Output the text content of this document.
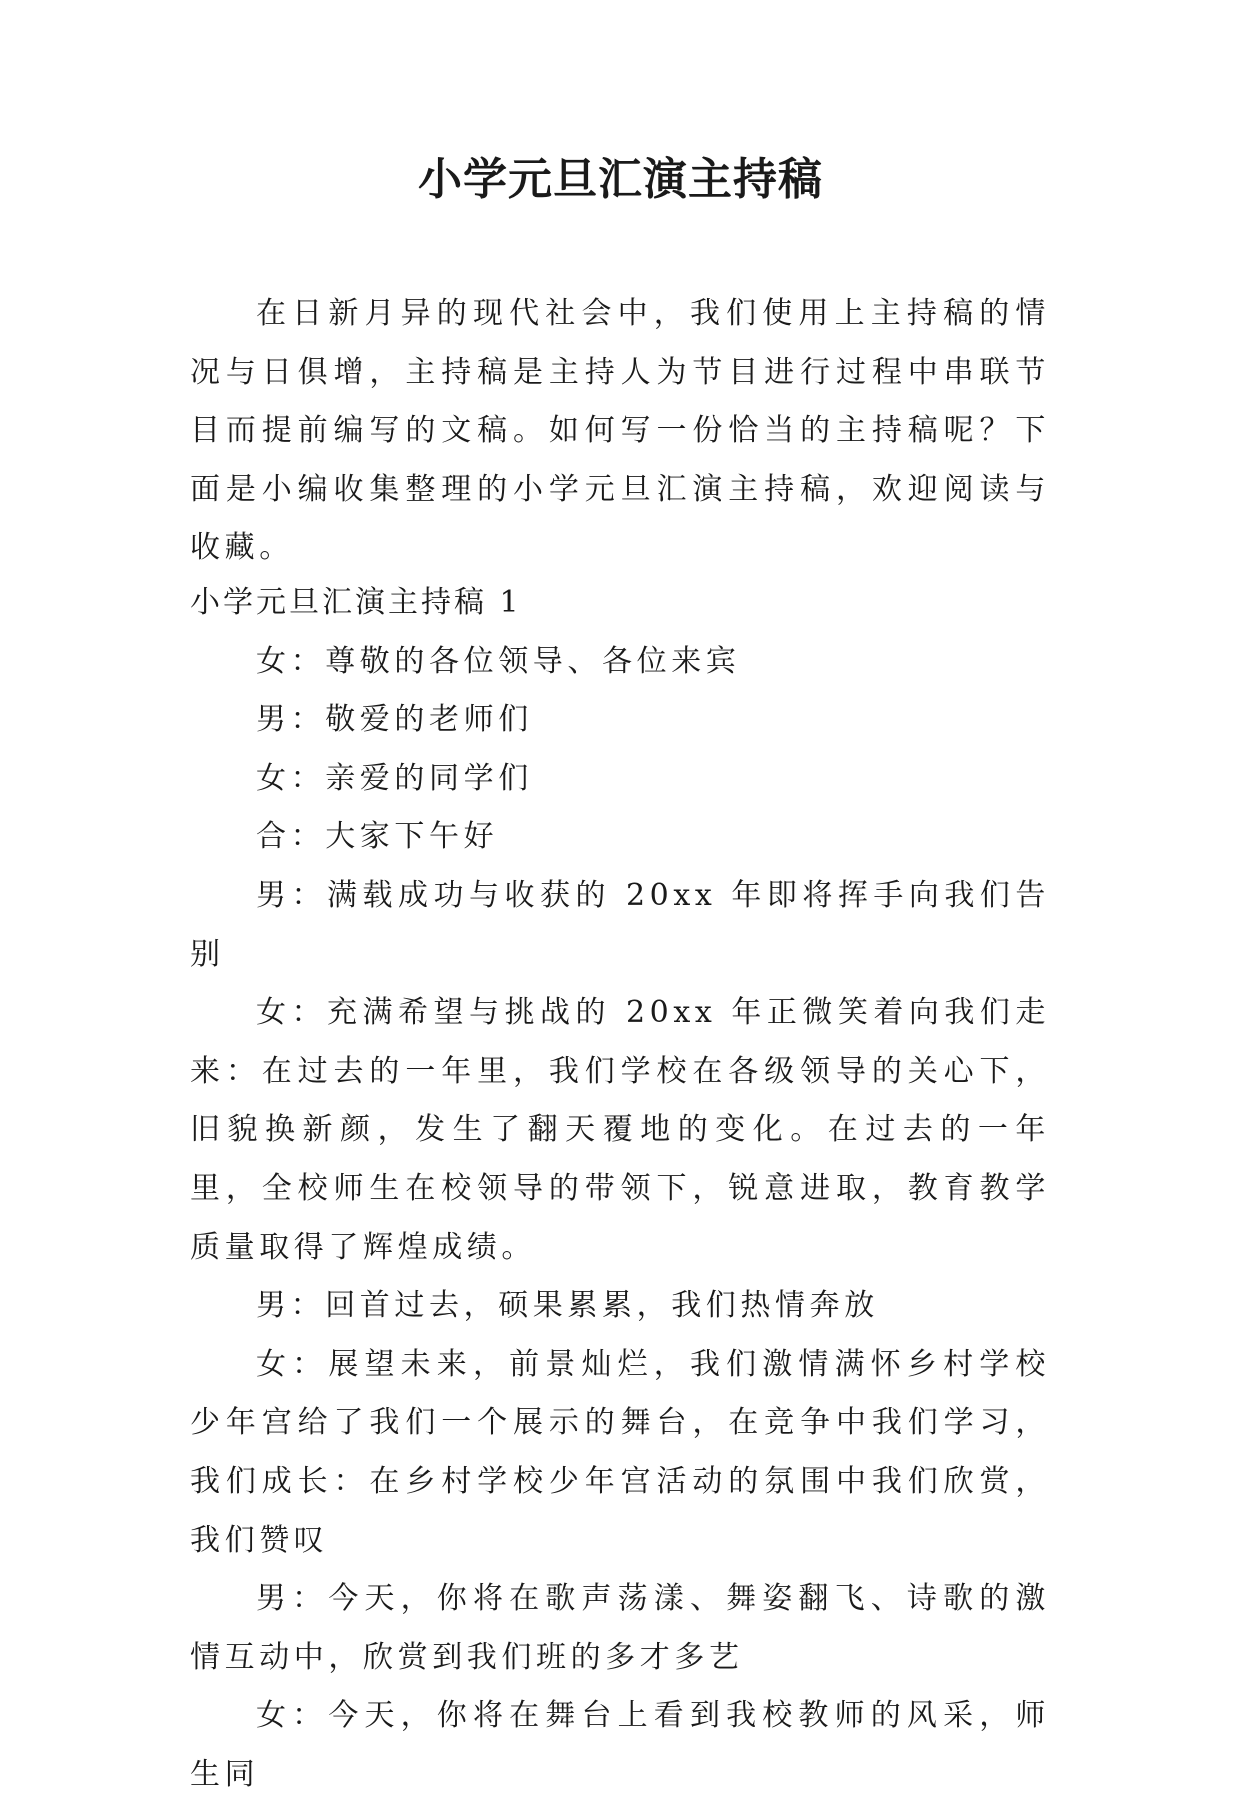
小学元旦汇演主持稿

在日新月异的现代社会中，我们使用上主持稿的情况与日俱增，主持稿是主持人为节目进行过程中串联节目而提前编写的文稿。如何写一份恰当的主持稿呢？下面是小编收集整理的小学元旦汇演主持稿，欢迎阅读与收藏。

小学元旦汇演主持稿 1

女：尊敬的各位领导、各位来宾

男：敬爱的老师们

女：亲爱的同学们

合：大家下午好

男：满载成功与收获的 20xx 年即将挥手向我们告别

女：充满希望与挑战的 20xx 年正微笑着向我们走来：在过去的一年里，我们学校在各级领导的关心下，旧貌换新颜，发生了翻天覆地的变化。在过去的一年里，全校师生在校领导的带领下，锐意进取，教育教学质量取得了辉煌成绩。

男：回首过去，硕果累累，我们热情奔放

女：展望未来，前景灿烂，我们激情满怀乡村学校少年宫给了我们一个展示的舞台，在竞争中我们学习，我们成长：在乡村学校少年宫活动的氛围中我们欣赏，我们赞叹

男：今天，你将在歌声荡漾、舞姿翻飞、诗歌的激情互动中，欣赏到我们班的多才多艺

女：今天，你将在舞台上看到我校教师的风采，师生同
